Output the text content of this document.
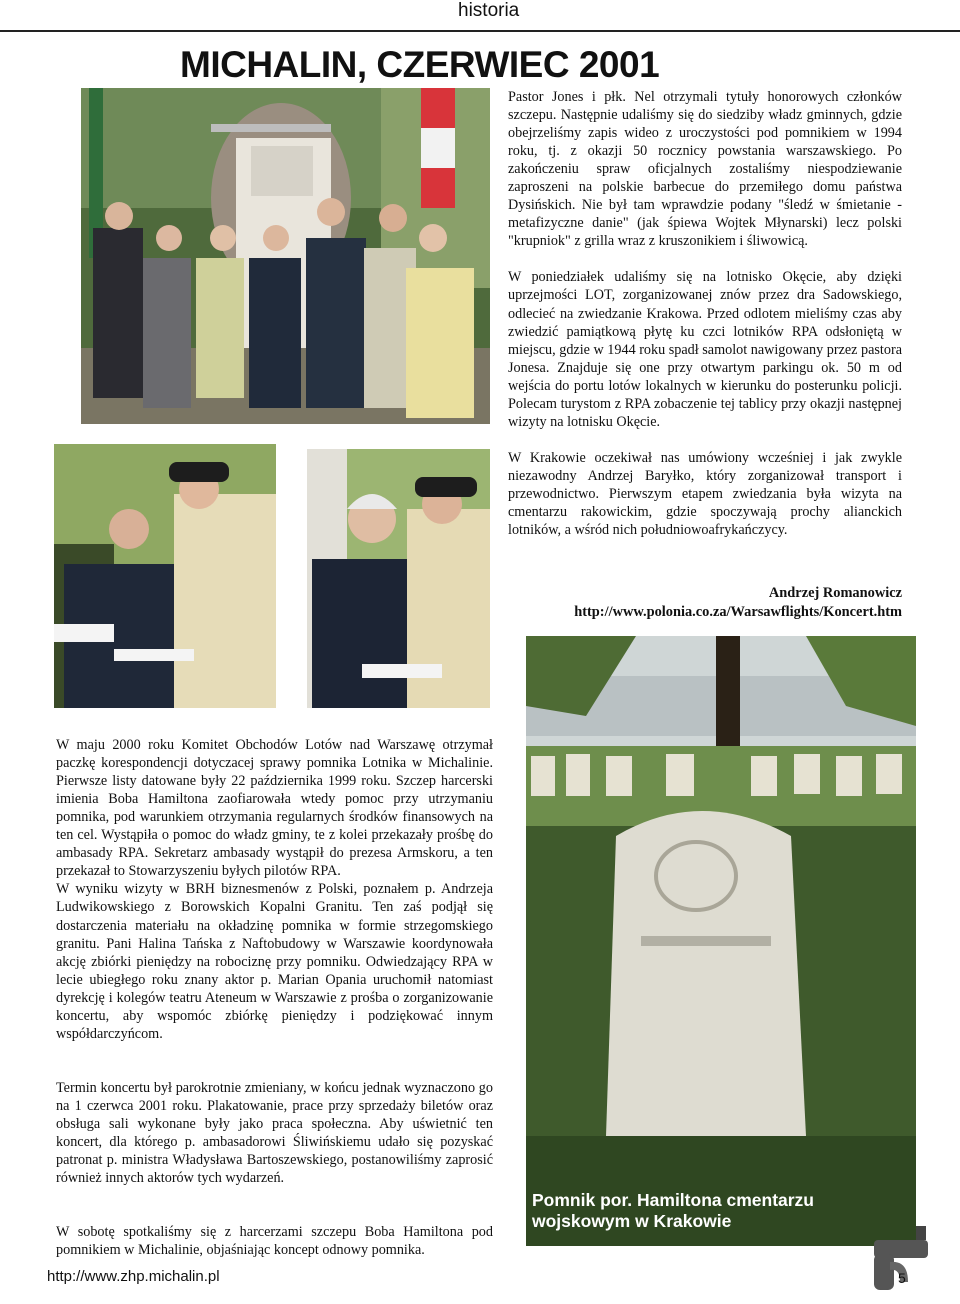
historia
MICHALIN, CZERWIEC 2001

Pastor Jones i płk. Nel otrzymali tytuły honorowych członków szczepu. Następnie udaliśmy się do siedziby władz gminnych, gdzie obejrzeliśmy zapis wideo z uroczystości pod pomnikiem w 1994 roku, tj. z okazji 50 rocznicy powstania warszawskiego. Po zakończeniu spraw oficjalnych zostaliśmy niespodziewanie zaproszeni na polskie barbecue do przemiłego domu państwa Dysińskich. Nie był tam wprawdzie podany "śledź w śmietanie - metafizyczne danie" (jak śpiewa Wojtek Młynarski) lecz polski "krupniok" z grilla wraz z kruszonikiem i śliwowicą.

W poniedziałek udaliśmy się na lotnisko Okęcie, aby dzięki uprzejmości LOT, zorganizowanej znów przez dra Sadowskiego, odlecieć na zwiedzanie Krakowa. Przed odlotem mieliśmy czas aby zwiedzić pamiątkową płytę ku czci lotników RPA odsłoniętą w miejscu, gdzie w 1944 roku spadł samolot nawigowany przez pastora Jonesa. Znajduje się one przy otwartym parkingu ok. 50 m od wejścia do portu lotów lokalnych w kierunku do posterunku policji. Polecam turystom z RPA zobaczenie tej tablicy przy okazji następnej wizyty na lotnisku Okęcie.

W Krakowie oczekiwał nas umówiony wcześniej i jak zwykle niezawodny Andrzej Baryłko, który zorganizował transport i przewodnictwo. Pierwszym etapem zwiedzania była wizyta na cmentarzu rakowickim, gdzie spoczywają prochy alianckich lotników, a wśród nich południowoafrykańczycy.

Andrzej Romanowicz
http://www.polonia.co.za/Warsawflights/Koncert.htm

W maju 2000 roku Komitet Obchodów Lotów nad Warszawę otrzymał paczkę korespondencji dotyczacej sprawy pomnika Lotnika w Michalinie. Pierwsze listy datowane były 22 października 1999 roku. Szczep harcerski imienia Boba Hamiltona zaofiarowała wtedy pomoc przy utrzymaniu pomnika, pod warunkiem otrzymania regularnych środków finansowych na ten cel. Wystąpiła o pomoc do władz gminy, te z kolei przekazały prośbę do ambasady RPA. Sekretarz ambasady wystąpił do prezesa Armskoru, a ten przekazał to Stowarzyszeniu byłych pilotów RPA.
W wyniku wizyty w BRH biznesmenów z Polski, poznałem p. Andrzeja Ludwikowskiego z Borowskich Kopalni Granitu. Ten zaś podjął się dostarczenia materiału na okładzinę pomnika w formie strzegomskiego granitu. Pani Halina Tańska z Naftobudowy w Warszawie koordynowała akcję zbiórki pieniędzy na robociznę przy pomniku. Odwiedzający RPA w lecie ubiegłego roku znany aktor p. Marian Opania uruchomił natomiast dyrekcję i kolegów teatru Ateneum w Warszawie z prośba o zorganizowanie koncertu, aby wspomóc zbiórkę pieniędzy i podziękować innym współdarczyńcom.

Termin koncertu był parokrotnie zmieniany, w końcu jednak wyznaczono go na 1 czerwca 2001 roku. Plakatowanie, prace przy sprzedaży biletów oraz obsługa sali wykonane były jako praca społeczna. Aby uświetnić ten koncert, dla którego p. ambasadorowi Śliwińskiemu udało się pozyskać patronat p. ministra Władysława Bartoszewskiego, postanowiliśmy zaprosić również innych aktorów tych wydarzeń.

W sobotę spotkaliśmy się z harcerzami szczepu Boba Hamiltona pod pomnikiem w Michalinie, objaśniając koncept odnowy pomnika.

Pomnik por. Hamiltona cmentarzu
wojskowym w Krakowie
http://www.zhp.michalin.pl	5
